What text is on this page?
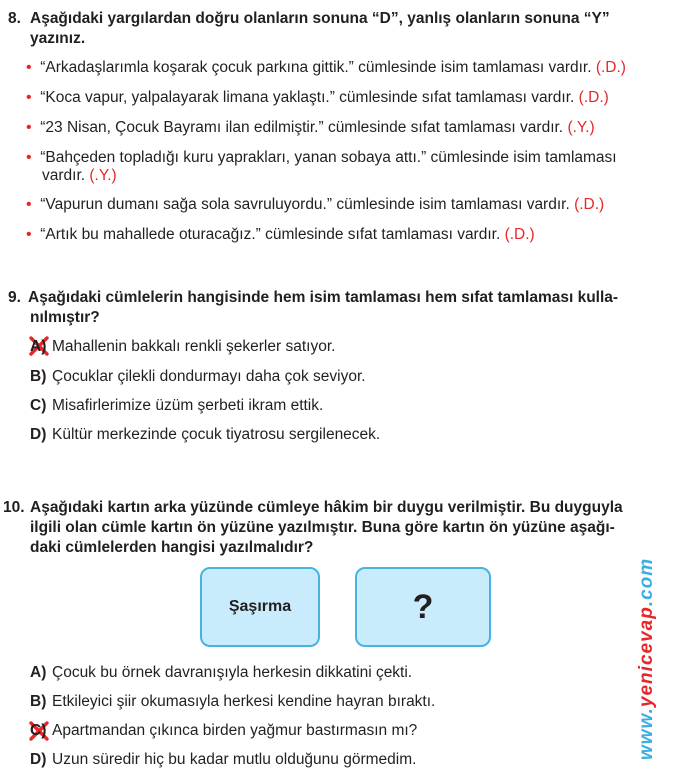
8. Aşağıdaki yargılardan doğru olanların sonuna “D”, yanlış olanların sonuna “Y”
yazınız.
• “Arkadaşlarımla koşarak çocuk parkına gittik.” cümlesinde isim tamlaması vardır. (.D.)
• “Koca vapur, yalpalayarak limana yaklaştı.” cümlesinde sıfat tamlaması vardır. (.D.)
• “23 Nisan, Çocuk Bayramı ilan edilmiştir.” cümlesinde sıfat tamlaması vardır. (.Y.)
• “Bahçeden topladığı kuru yaprakları, yanan sobaya attı.” cümlesinde isim tamlaması
vardır. (.Y.)
• “Vapurun dumanı sağa sola savruluyordu.” cümlesinde isim tamlaması vardır. (.D.)
• “Artık bu mahallede oturacağız.” cümlesinde sıfat tamlaması vardır. (.D.)
9. Aşağıdaki cümlelerin hangisinde hem isim tamlaması hem sıfat tamlaması kulla-
nılmıştır?
A) Mahallenin bakkalı renkli şekerler satıyor.
B) Çocuklar çilekli dondurmayı daha çok seviyor.
C) Misafirlerimize üzüm şerbeti ikram ettik.
D) Kültür merkezinde çocuk tiyatrosu sergilenecek.
10. Aşağıdaki kartın arka yüzünde cümleye hâkim bir duygu verilmiştir. Bu duyguyla
ilgili olan cümle kartın ön yüzüne yazılmıştır. Buna göre kartın ön yüzüne aşağı-
daki cümlelerden hangisi yazılmalıdır?
Şaşırma	?
A) Çocuk bu örnek davranışıyla herkesin dikkatini çekti.
B) Etkileyici şiir okumasıyla herkesi kendine hayran bıraktı.
C) Apartmandan çıkınca birden yağmur bastırmasın mı?
D) Uzun süredir hiç bu kadar mutlu olduğunu görmedim.	www.yenicevap.com
